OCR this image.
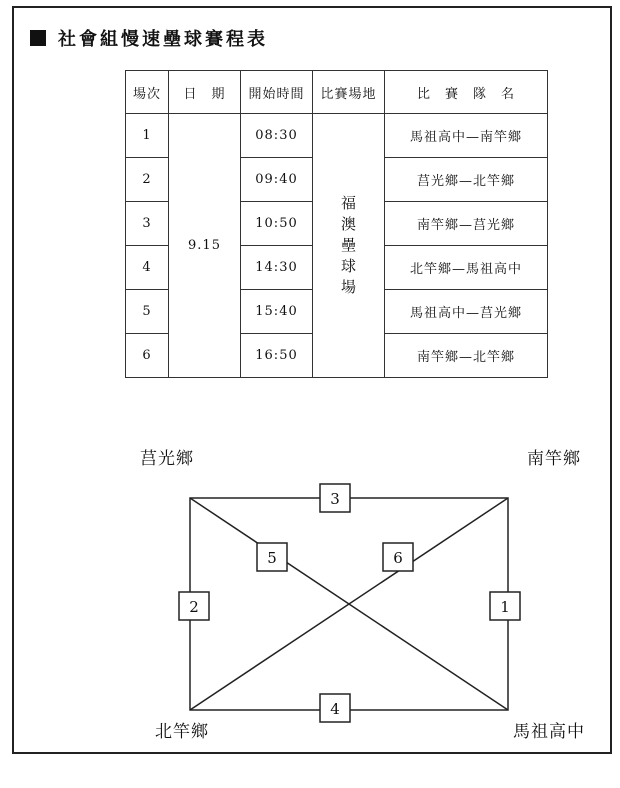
社會組慢速壘球賽程表
場次	日　期	開始時間	比賽場地	比　賽　隊　名
1	9.15	08:30	福澳壘球場	馬祖高中—南竿鄉
2		09:40		莒光鄉—北竿鄉
3		10:50		南竿鄉—莒光鄉
4		14:30		北竿鄉—馬祖高中
5		15:40		馬祖高中—莒光鄉
6		16:50		南竿鄉—北竿鄉
3
2	1
4
5	6
莒光鄉	南竿鄉
北竿鄉	馬祖高中
